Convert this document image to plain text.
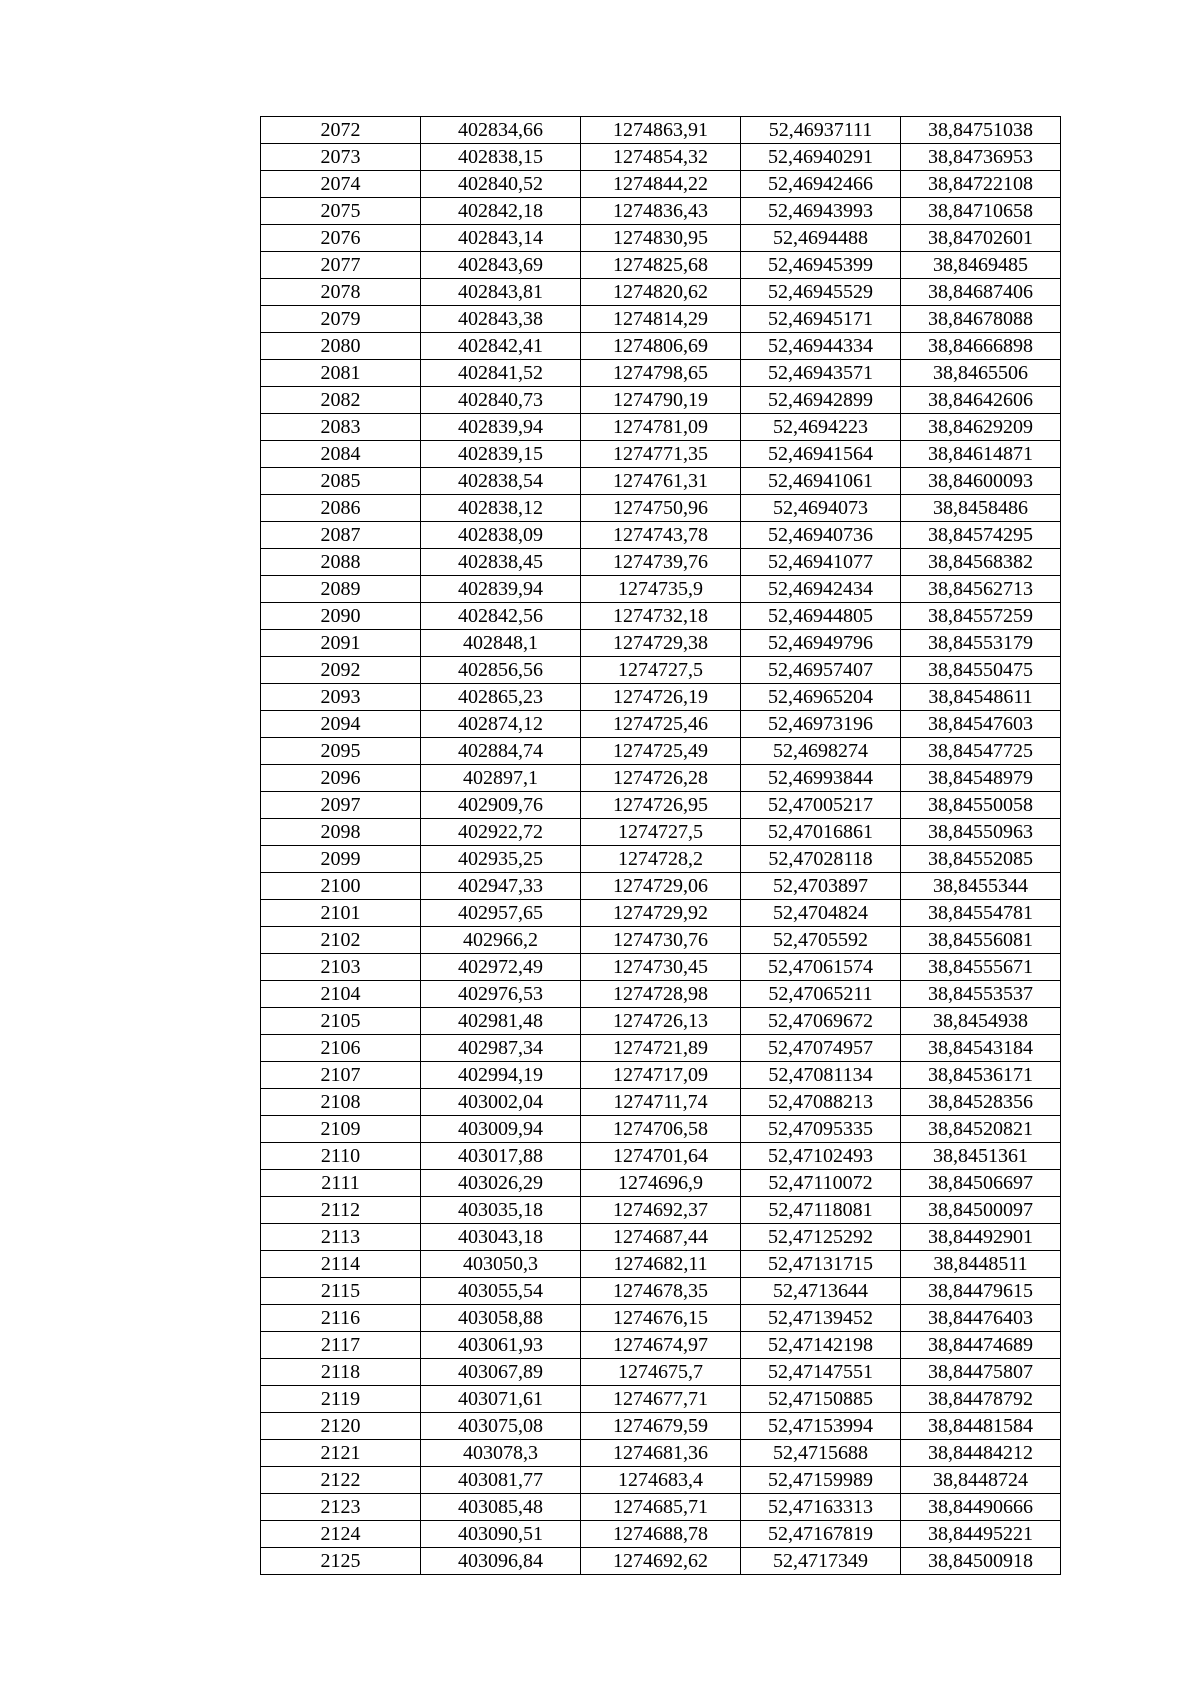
2072	402834,66	1274863,91	52,46937111	38,84751038
2073	402838,15	1274854,32	52,46940291	38,84736953
2074	402840,52	1274844,22	52,46942466	38,84722108
2075	402842,18	1274836,43	52,46943993	38,84710658
2076	402843,14	1274830,95	52,4694488	38,84702601
2077	402843,69	1274825,68	52,46945399	38,8469485
2078	402843,81	1274820,62	52,46945529	38,84687406
2079	402843,38	1274814,29	52,46945171	38,84678088
2080	402842,41	1274806,69	52,46944334	38,84666898
2081	402841,52	1274798,65	52,46943571	38,8465506
2082	402840,73	1274790,19	52,46942899	38,84642606
2083	402839,94	1274781,09	52,4694223	38,84629209
2084	402839,15	1274771,35	52,46941564	38,84614871
2085	402838,54	1274761,31	52,46941061	38,84600093
2086	402838,12	1274750,96	52,4694073	38,8458486
2087	402838,09	1274743,78	52,46940736	38,84574295
2088	402838,45	1274739,76	52,46941077	38,84568382
2089	402839,94	1274735,9	52,46942434	38,84562713
2090	402842,56	1274732,18	52,46944805	38,84557259
2091	402848,1	1274729,38	52,46949796	38,84553179
2092	402856,56	1274727,5	52,46957407	38,84550475
2093	402865,23	1274726,19	52,46965204	38,84548611
2094	402874,12	1274725,46	52,46973196	38,84547603
2095	402884,74	1274725,49	52,4698274	38,84547725
2096	402897,1	1274726,28	52,46993844	38,84548979
2097	402909,76	1274726,95	52,47005217	38,84550058
2098	402922,72	1274727,5	52,47016861	38,84550963
2099	402935,25	1274728,2	52,47028118	38,84552085
2100	402947,33	1274729,06	52,4703897	38,8455344
2101	402957,65	1274729,92	52,4704824	38,84554781
2102	402966,2	1274730,76	52,4705592	38,84556081
2103	402972,49	1274730,45	52,47061574	38,84555671
2104	402976,53	1274728,98	52,47065211	38,84553537
2105	402981,48	1274726,13	52,47069672	38,8454938
2106	402987,34	1274721,89	52,47074957	38,84543184
2107	402994,19	1274717,09	52,47081134	38,84536171
2108	403002,04	1274711,74	52,47088213	38,84528356
2109	403009,94	1274706,58	52,47095335	38,84520821
2110	403017,88	1274701,64	52,47102493	38,8451361
2111	403026,29	1274696,9	52,47110072	38,84506697
2112	403035,18	1274692,37	52,47118081	38,84500097
2113	403043,18	1274687,44	52,47125292	38,84492901
2114	403050,3	1274682,11	52,47131715	38,8448511
2115	403055,54	1274678,35	52,4713644	38,84479615
2116	403058,88	1274676,15	52,47139452	38,84476403
2117	403061,93	1274674,97	52,47142198	38,84474689
2118	403067,89	1274675,7	52,47147551	38,84475807
2119	403071,61	1274677,71	52,47150885	38,84478792
2120	403075,08	1274679,59	52,47153994	38,84481584
2121	403078,3	1274681,36	52,4715688	38,84484212
2122	403081,77	1274683,4	52,47159989	38,8448724
2123	403085,48	1274685,71	52,47163313	38,84490666
2124	403090,51	1274688,78	52,47167819	38,84495221
2125	403096,84	1274692,62	52,4717349	38,84500918
